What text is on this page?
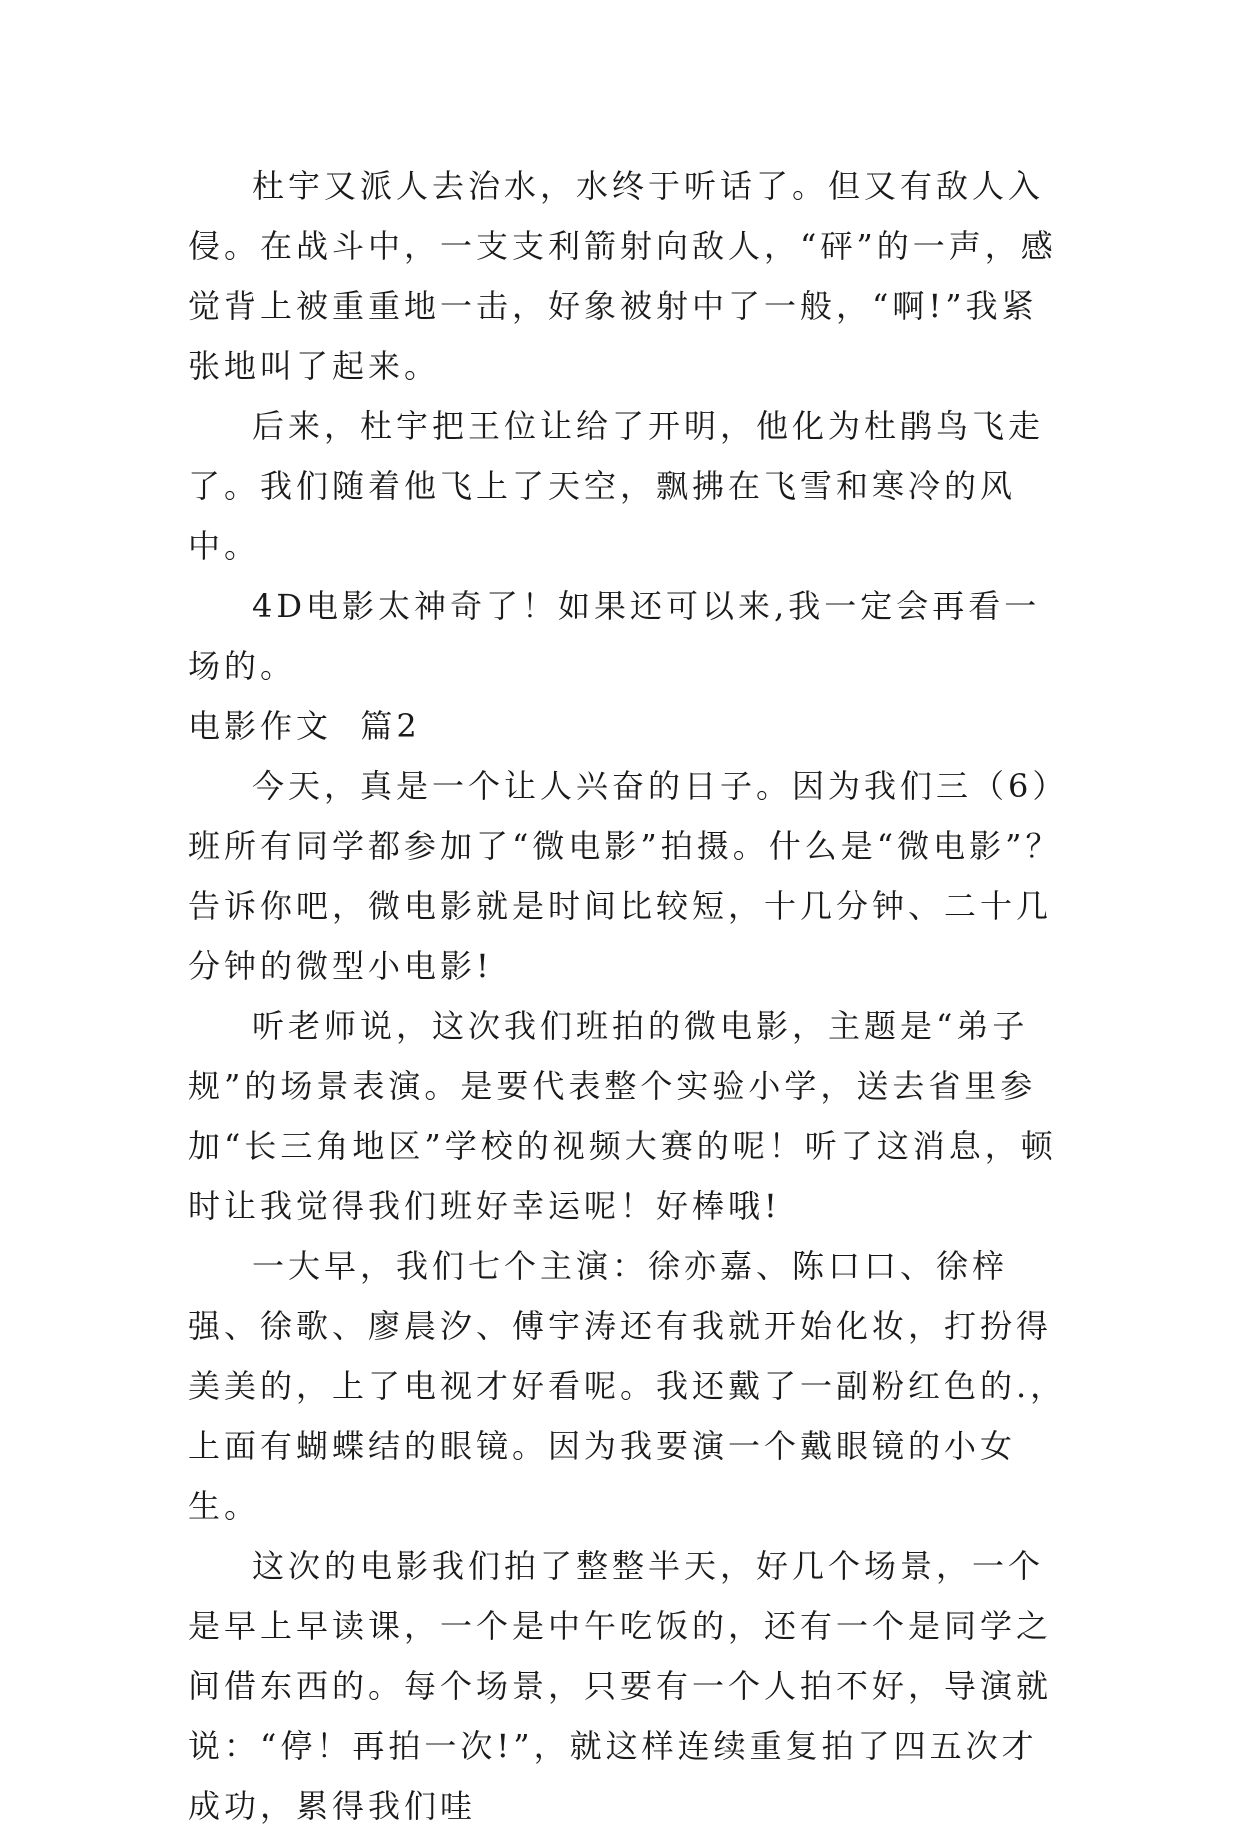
杜宇又派人去治水，水终于听话了。但又有敌人入侵。在战斗中，一支支利箭射向敌人，“砰”的一声，感觉背上被重重地一击，好象被射中了一般，“啊!”我紧张地叫了起来。

后来，杜宇把王位让给了开明，他化为杜鹃鸟飞走了。我们随着他飞上了天空，飘拂在飞雪和寒冷的风中。

4D电影太神奇了！如果还可以来,我一定会再看一场的。

电影作文  篇2

今天，真是一个让人兴奋的日子。因为我们三（6）班所有同学都参加了“微电影”拍摄。什么是“微电影”？告诉你吧，微电影就是时间比较短，十几分钟、二十几分钟的微型小电影!

听老师说，这次我们班拍的微电影，主题是“弟子规”的场景表演。是要代表整个实验小学，送去省里参加“长三角地区”学校的视频大赛的呢！听了这消息，顿时让我觉得我们班好幸运呢！好棒哦!

一大早，我们七个主演：徐亦嘉、陈口口、徐梓强、徐歌、廖晨汐、傅宇涛还有我就开始化妆，打扮得美美的，上了电视才好看呢。我还戴了一副粉红色的.，上面有蝴蝶结的眼镜。因为我要演一个戴眼镜的小女生。

这次的电影我们拍了整整半天，好几个场景，一个是早上早读课，一个是中午吃饭的，还有一个是同学之间借东西的。每个场景，只要有一个人拍不好，导演就说：“停！再拍一次!”，就这样连续重复拍了四五次才成功，累得我们哇
